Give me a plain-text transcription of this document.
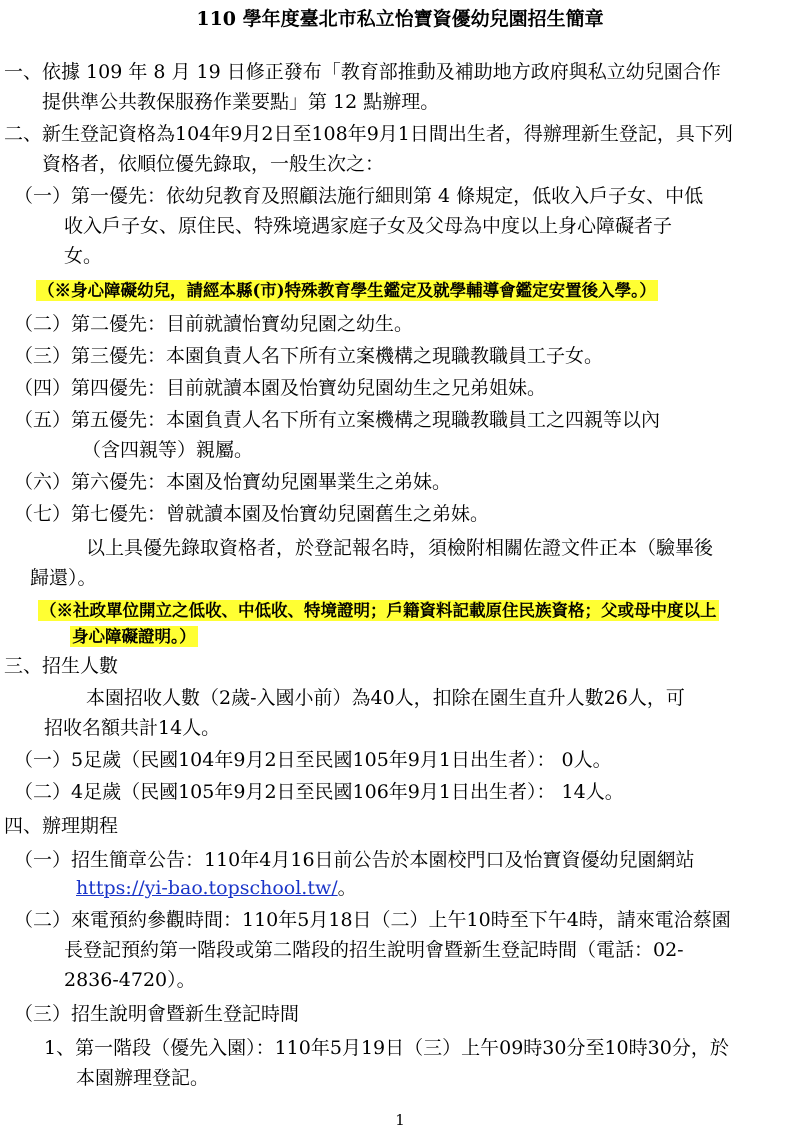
110 學年度臺北市私立怡寶資優幼兒園招生簡章
一、依據 109 年 8 月 19 日修正發布「教育部推動及補助地方政府與私立幼兒園合作
提供準公共教保服務作業要點」第 12 點辦理。
二、新生登記資格為104年9月2日至108年9月1日間出生者，得辦理新生登記，具下列
資格者，依順位優先錄取，一般生次之：
（一）第一優先：依幼兒教育及照顧法施行細則第 4 條規定，低收入戶子女、中低
收入戶子女、原住民、特殊境遇家庭子女及父母為中度以上身心障礙者子
女。
（※身心障礙幼兒，請經本縣(市)特殊教育學生鑑定及就學輔導會鑑定安置後入學。）
（二）第二優先：目前就讀怡寶幼兒園之幼生。
（三）第三優先：本園負責人名下所有立案機構之現職教職員工子女。
（四）第四優先：目前就讀本園及怡寶幼兒園幼生之兄弟姐妹。
（五）第五優先：本園負責人名下所有立案機構之現職教職員工之四親等以內
（含四親等）親屬。
（六）第六優先：本園及怡寶幼兒園畢業生之弟妹。
（七）第七優先：曾就讀本園及怡寶幼兒園舊生之弟妹。
以上具優先錄取資格者，於登記報名時，須檢附相關佐證文件正本（驗畢後
歸還）。
（※社政單位開立之低收、中低收、特境證明；戶籍資料記載原住民族資格；父或母中度以上
身心障礙證明。）
三、招生人數
本園招收人數（2歲-入國小前）為40人，扣除在園生直升人數26人，可
招收名額共計14人。
（一）5足歲（民國104年9月2日至民國105年9月1日出生者）： 0人。
（二）4足歲（民國105年9月2日至民國106年9月1日出生者）： 14人。
四、辦理期程
（一）招生簡章公告：110年4月16日前公告於本園校門口及怡寶資優幼兒園網站
https://yi-bao.topschool.tw/。
（二）來電預約參觀時間：110年5月18日（二）上午10時至下午4時，請來電洽蔡園
長登記預約第一階段或第二階段的招生說明會暨新生登記時間（電話：02-
2836-4720）。
（三）招生說明會暨新生登記時間
1、第一階段（優先入園）：110年5月19日（三）上午09時30分至10時30分，於
本園辦理登記。
1
